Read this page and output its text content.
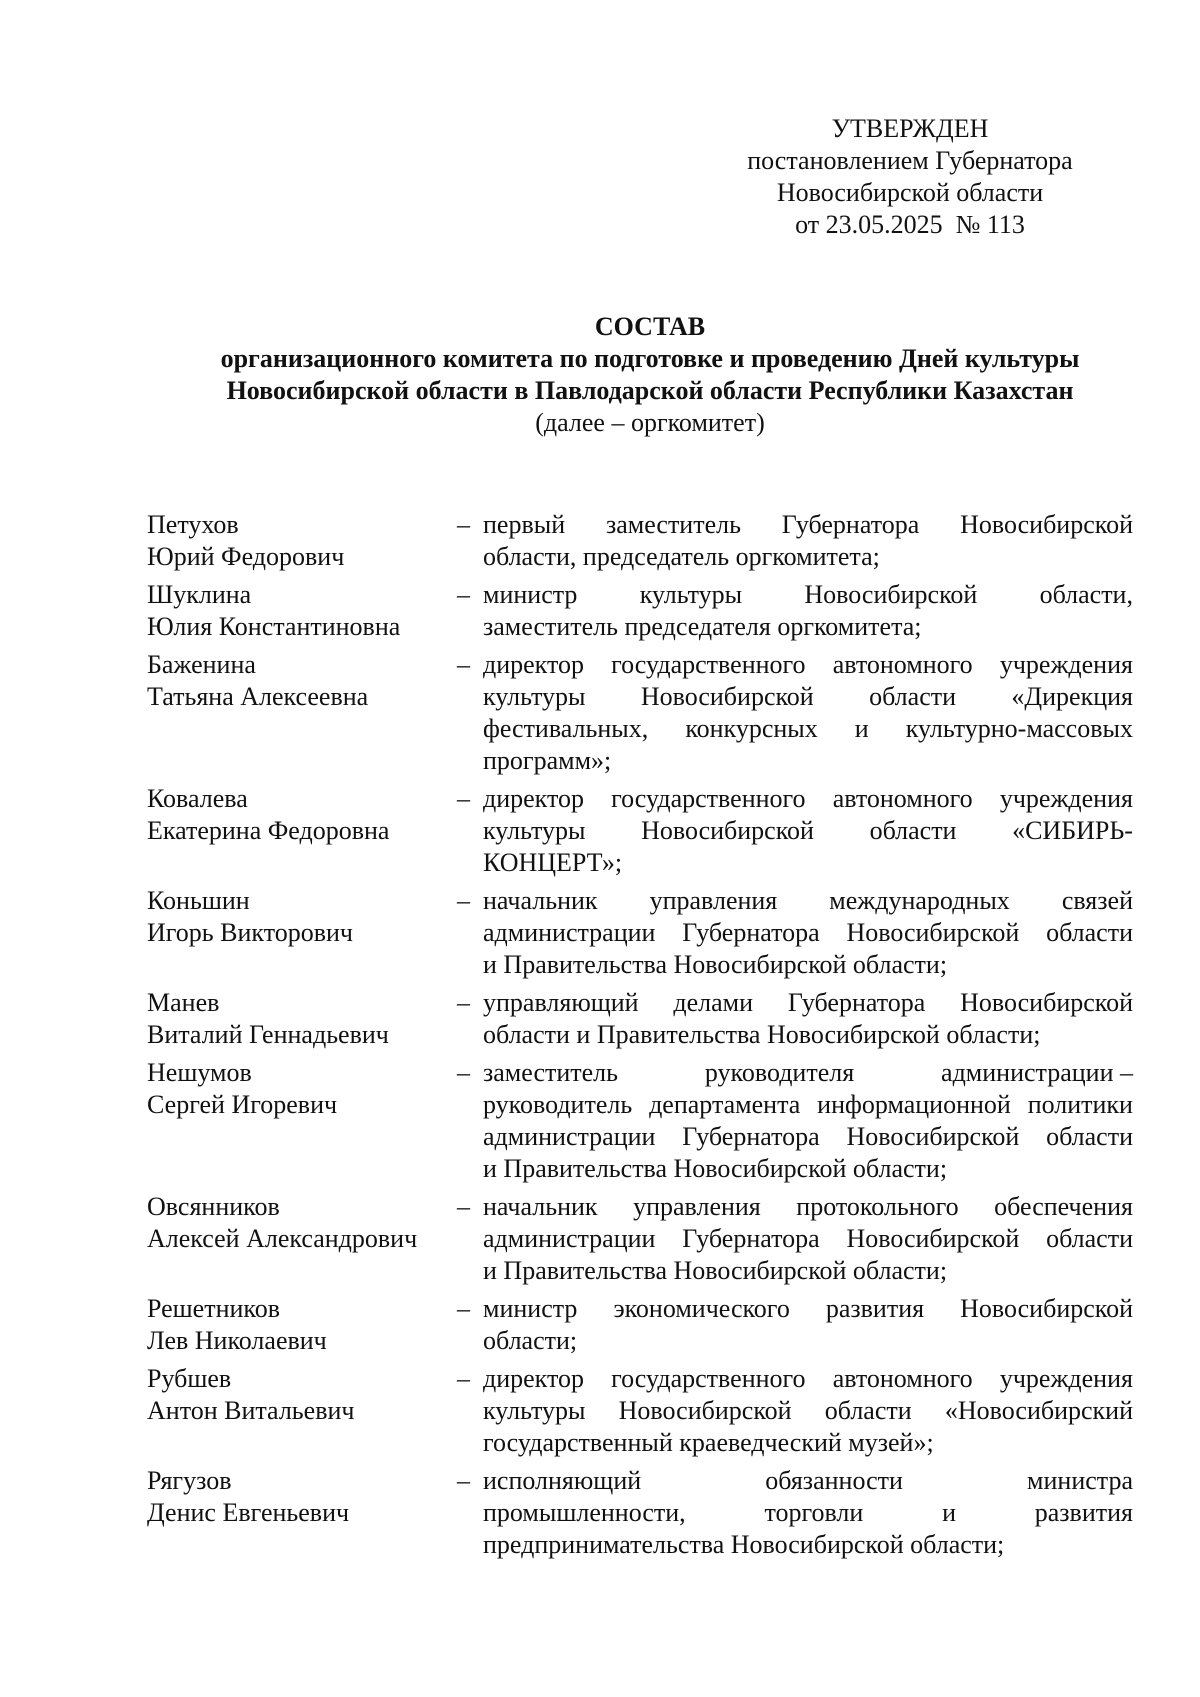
УТВЕРЖДЕН
постановлением Губернатора
Новосибирской области
от 23.05.2025  № 113
СОСТАВ
организационного комитета по подготовке и проведению Дней культуры
Новосибирской области в Павлодарской области Республики Казахстан
(далее – оргкомитет)
Петухов
Юрий Федорович
– первый заместитель Губернатора Новосибирской
области, председатель оргкомитета;
Шуклина
Юлия Константиновна
– министр культуры Новосибирской области,
заместитель председателя оргкомитета;
Баженина
Татьяна Алексеевна
– директор государственного автономного учреждения
культуры Новосибирской области «Дирекция
фестивальных, конкурсных и культурно-массовых
программ»;
Ковалева
Екатерина Федоровна
– директор государственного автономного учреждения
культуры Новосибирской области «СИБИРЬ-
КОНЦЕРТ»;
Коньшин
Игорь Викторович
– начальник управления международных связей
администрации Губернатора Новосибирской области
и Правительства Новосибирской области;
Манев
Виталий Геннадьевич
– управляющий делами Губернатора Новосибирской
области и Правительства Новосибирской области;
Нешумов
Сергей Игоревич
– заместитель	руководителя	администрации –
руководитель департамента информационной политики
администрации Губернатора Новосибирской области
и Правительства Новосибирской области;
Овсянников
Алексей Александрович
– начальник управления протокольного обеспечения
администрации Губернатора Новосибирской области
и Правительства Новосибирской области;
Решетников
Лев Николаевич
– министр экономического развития Новосибирской
области;
Рубшев
Антон Витальевич
– директор государственного автономного учреждения
культуры Новосибирской области «Новосибирский
государственный краеведческий музей»;
Рягузов
Денис Евгеньевич
– исполняющий	обязанности	министра
промышленности,	торговли	и	развития
предпринимательства Новосибирской области;
